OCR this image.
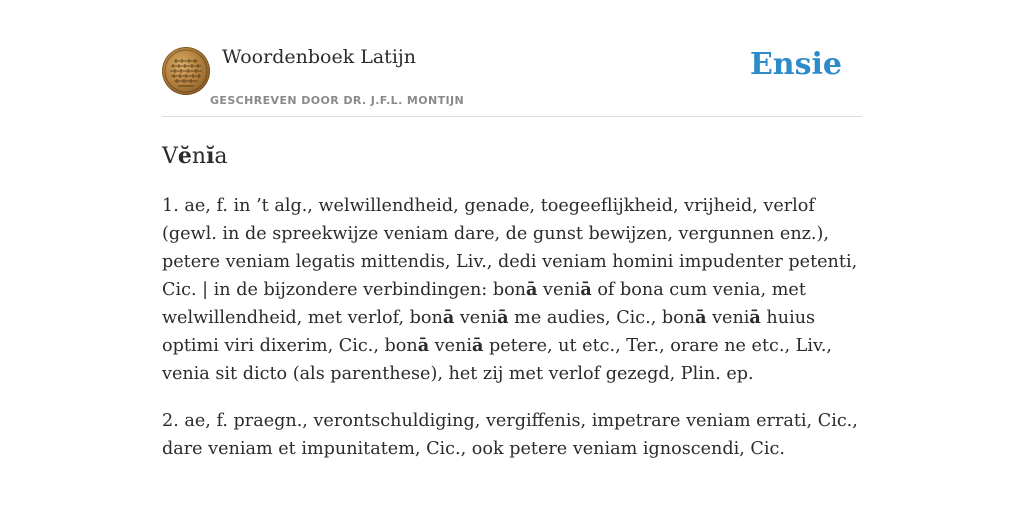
Woordenboek Latijn
GESCHREVEN DOOR DR. J.F.L. MONTIJN
Ensie
Vĕnĭa

1. ae, f. in ’t alg., welwillendheid, genade, toegeeflijkheid, vrijheid, verlof (gewl. in de spreekwijze veniam dare, de gunst bewijzen, vergunnen enz.), petere veniam legatis mittendis, Liv., dedi veniam homini impudenter petenti, Cic. | in de bijzondere verbindingen: bonā veniā of bona cum venia, met welwillendheid, met verlof, bonā veniā me audies, Cic., bonā veniā huius optimi viri dixerim, Cic., bonā veniā petere, ut etc., Ter., orare ne etc., Liv., venia sit dicto (als parenthese), het zij met verlof gezegd, Plin. ep.

2. ae, f. praegn., verontschuldiging, vergiffenis, impetrare veniam errati, Cic., dare veniam et impunitatem, Cic., ook petere veniam ignoscendi, Cic.
